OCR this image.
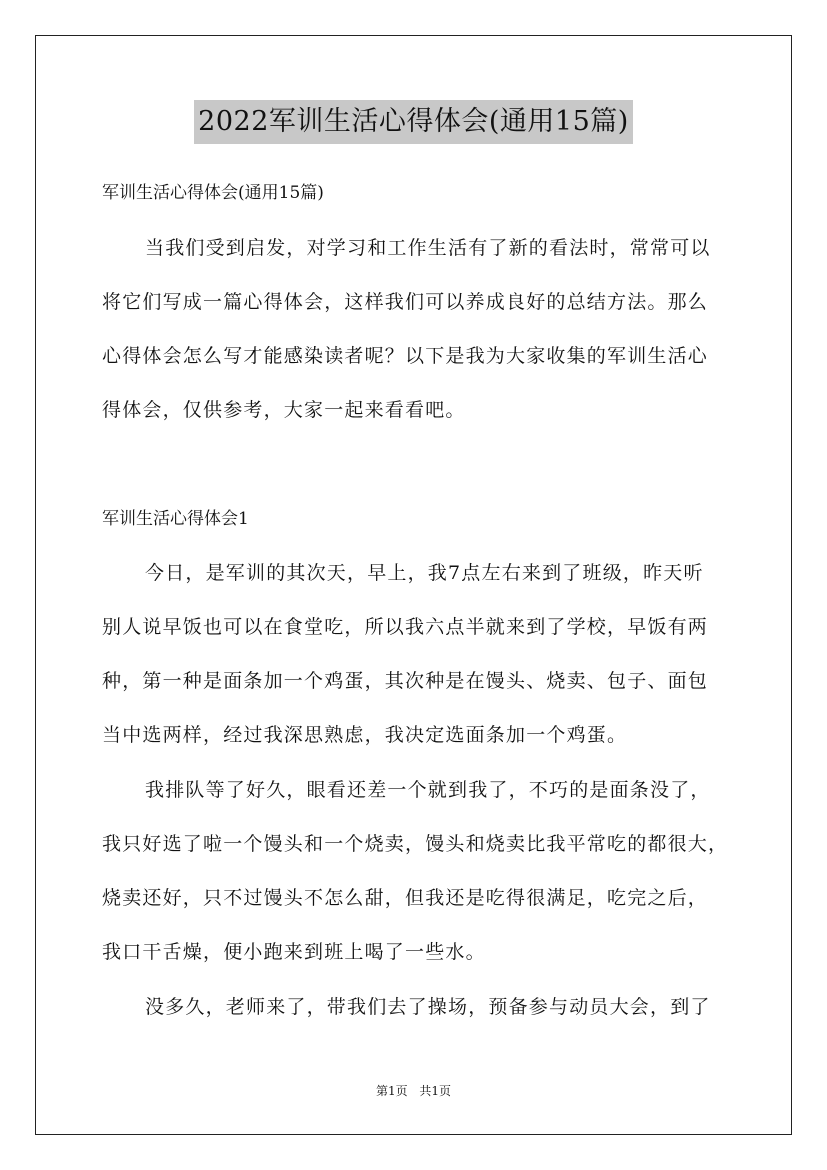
2022军训生活心得体会(通用15篇)
军训生活心得体会(通用15篇)
当我们受到启发，对学习和工作生活有了新的看法时，常常可以
将它们写成一篇心得体会，这样我们可以养成良好的总结方法。那么
心得体会怎么写才能感染读者呢？以下是我为大家收集的军训生活心
得体会，仅供参考，大家一起来看看吧。
军训生活心得体会1
今日，是军训的其次天，早上，我7点左右来到了班级，昨天听
别人说早饭也可以在食堂吃，所以我六点半就来到了学校，早饭有两
种，第一种是面条加一个鸡蛋，其次种是在馒头、烧卖、包子、面包
当中选两样，经过我深思熟虑，我决定选面条加一个鸡蛋。
我排队等了好久，眼看还差一个就到我了，不巧的是面条没了，
我只好选了啦一个馒头和一个烧卖，馒头和烧卖比我平常吃的都很大，
烧卖还好，只不过馒头不怎么甜，但我还是吃得很满足，吃完之后，
我口干舌燥，便小跑来到班上喝了一些水。
没多久，老师来了，带我们去了操场，预备参与动员大会，到了
第1页 共1页
